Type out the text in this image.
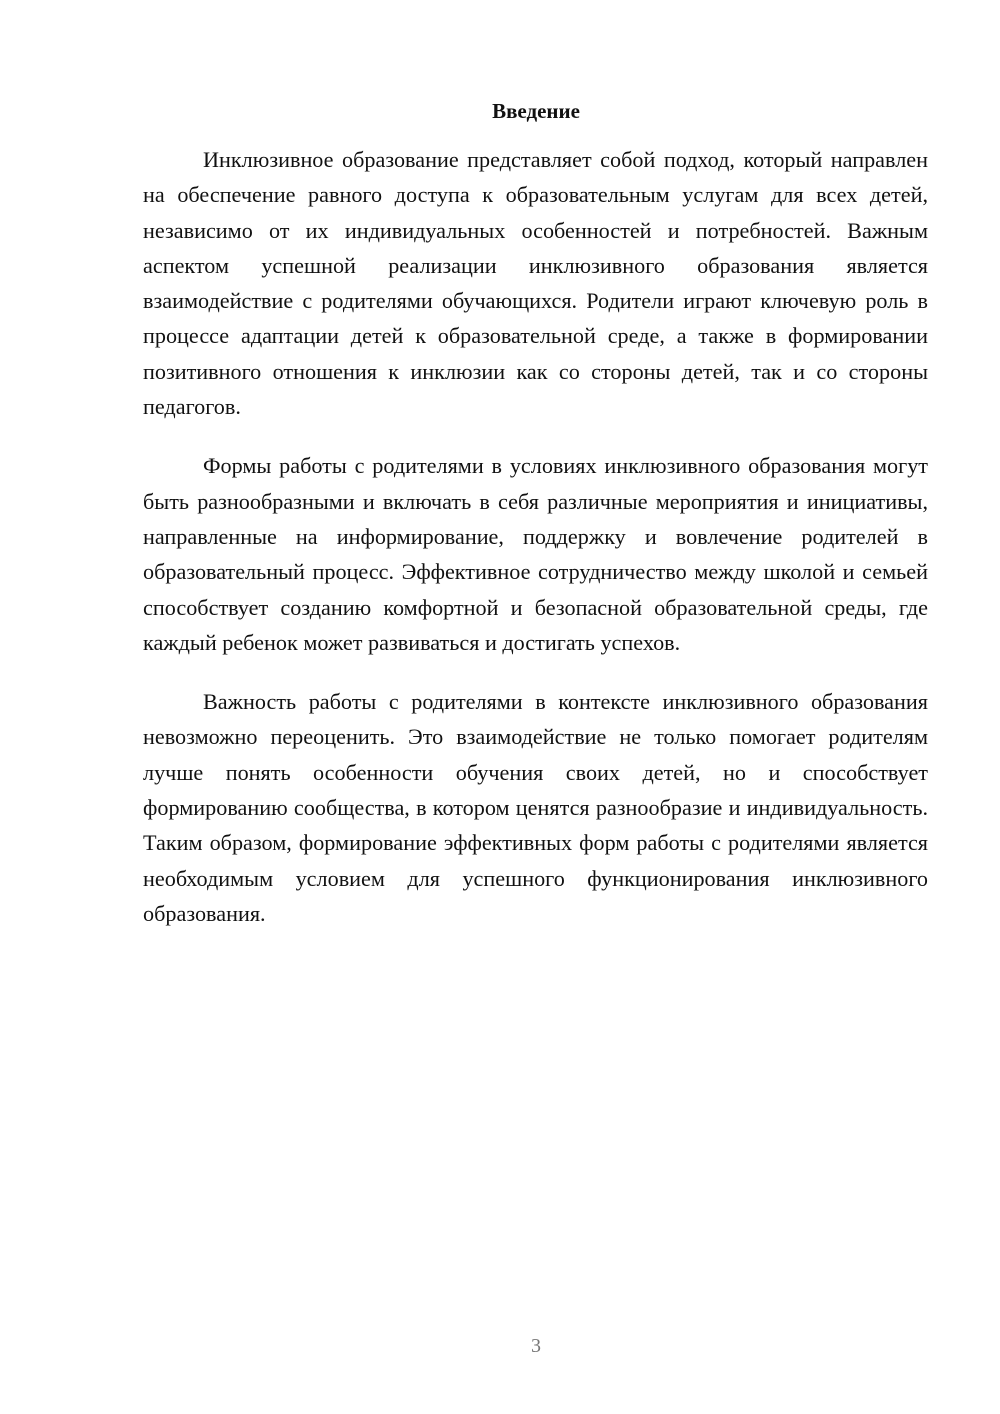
Введение

Инклюзивное образование представляет собой подход, который направлен на обеспечение равного доступа к образовательным услугам для всех детей, независимо от их индивидуальных особенностей и потребностей. Важным аспектом успешной реализации инклюзивного образования является взаимодействие с родителями обучающихся. Родители играют ключевую роль в процессе адаптации детей к образовательной среде, а также в формировании позитивного отношения к инклюзии как со стороны детей, так и со стороны педагогов.

Формы работы с родителями в условиях инклюзивного образования могут быть разнообразными и включать в себя различные мероприятия и инициативы, направленные на информирование, поддержку и вовлечение родителей в образовательный процесс. Эффективное сотрудничество между школой и семьей способствует созданию комфортной и безопасной образовательной среды, где каждый ребенок может развиваться и достигать успехов.

Важность работы с родителями в контексте инклюзивного образования невозможно переоценить. Это взаимодействие не только помогает родителям лучше понять особенности обучения своих детей, но и способствует формированию сообщества, в котором ценятся разнообразие и индивидуальность. Таким образом, формирование эффективных форм работы с родителями является необходимым условием для успешного функционирования инклюзивного образования.

3
